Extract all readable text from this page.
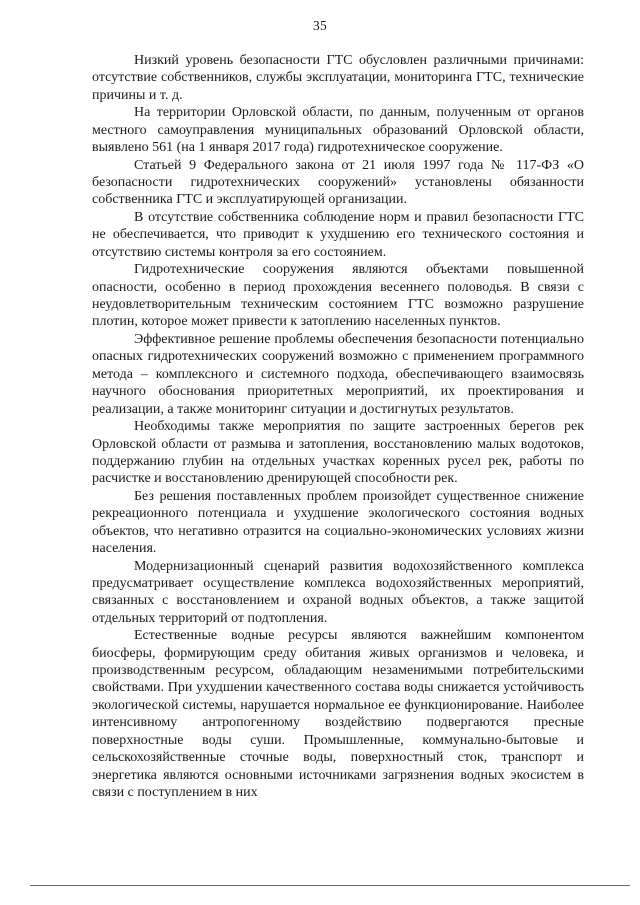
35

Низкий уровень безопасности ГТС обусловлен различными причинами: отсутствие собственников, службы эксплуатации, мониторинга ГТС, технические причины и т. д.

На территории Орловской области, по данным, полученным от органов местного самоуправления муниципальных образований Орловской области, выявлено 561 (на 1 января 2017 года) гидротехническое сооружение.

Статьей 9 Федерального закона от 21 июля 1997 года № 117-ФЗ «О безопасности гидротехнических сооружений» установлены обязанности собственника ГТС и эксплуатирующей организации.

В отсутствие собственника соблюдение норм и правил безопасности ГТС не обеспечивается, что приводит к ухудшению его технического состояния и отсутствию системы контроля за его состоянием.

Гидротехнические сооружения являются объектами повышенной опасности, особенно в период прохождения весеннего половодья. В связи с неудовлетворительным техническим состоянием ГТС возможно разрушение плотин, которое может привести к затоплению населенных пунктов.

Эффективное решение проблемы обеспечения безопасности потенциально опасных гидротехнических сооружений возможно с применением программного метода – комплексного и системного подхода, обеспечивающего взаимосвязь научного обоснования приоритетных мероприятий, их проектирования и реализации, а также мониторинг ситуации и достигнутых результатов.

Необходимы также мероприятия по защите застроенных берегов рек Орловской области от размыва и затопления, восстановлению малых водотоков, поддержанию глубин на отдельных участках коренных русел рек, работы по расчистке и восстановлению дренирующей способности рек.

Без решения поставленных проблем произойдет существенное снижение рекреационного потенциала и ухудшение экологического состояния водных объектов, что негативно отразится на социально-экономических условиях жизни населения.

Модернизационный сценарий развития водохозяйственного комплекса предусматривает осуществление комплекса водохозяйственных мероприятий, связанных с восстановлением и охраной водных объектов, а также защитой отдельных территорий от подтопления.

Естественные водные ресурсы являются важнейшим компонентом биосферы, формирующим среду обитания живых организмов и человека, и производственным ресурсом, обладающим незаменимыми потребительскими свойствами. При ухудшении качественного состава воды снижается устойчивость экологической системы, нарушается нормальное ее функционирование. Наиболее интенсивному антропогенному воздействию подвергаются пресные поверхностные воды суши. Промышленные, коммунально-бытовые и сельскохозяйственные сточные воды, поверхностный сток, транспорт и энергетика являются основными источниками загрязнения водных экосистем в связи с поступлением в них
